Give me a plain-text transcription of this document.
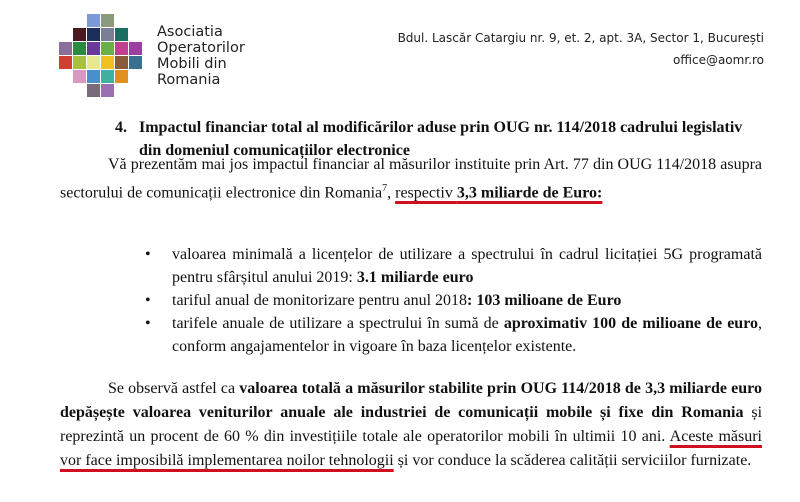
Asociatia
Operatorilor
Mobili din
Romania
Bdul. Lascăr Catargiu nr. 9, et. 2, apt. 3A, Sector 1, București
office@aomr.ro
4. Impactul financiar total al modificărilor aduse prin OUG nr. 114/2018 cadrului legislativ din domeniul comunicațiilor electronice
Vă prezentăm mai jos impactul financiar al măsurilor instituite prin Art. 77 din OUG 114/2018 asupra sectorului de comunicații electronice din Romania$^7$, respectiv 3,3 miliarde de Euro:
• valoarea minimală a licențelor de utilizare a spectrului în cadrul licitației 5G programată pentru sfârșitul anului 2019: 3.1 miliarde euro
• tariful anual de monitorizare pentru anul 2018: 103 milioane de Euro
• tarifele anuale de utilizare a spectrului în sumă de aproximativ 100 de milioane de euro, conform angajamentelor in vigoare în baza licențelor existente.
Se observă astfel ca valoarea totală a măsurilor stabilite prin OUG 114/2018 de 3,3 miliarde euro depășește valoarea veniturilor anuale ale industriei de comunicații mobile și fixe din Romania și reprezintă un procent de 60 % din investițiile totale ale operatorilor mobili în ultimii 10 ani. Aceste măsuri vor face imposibilă implementarea noilor tehnologii și vor conduce la scăderea calității serviciilor furnizate.
